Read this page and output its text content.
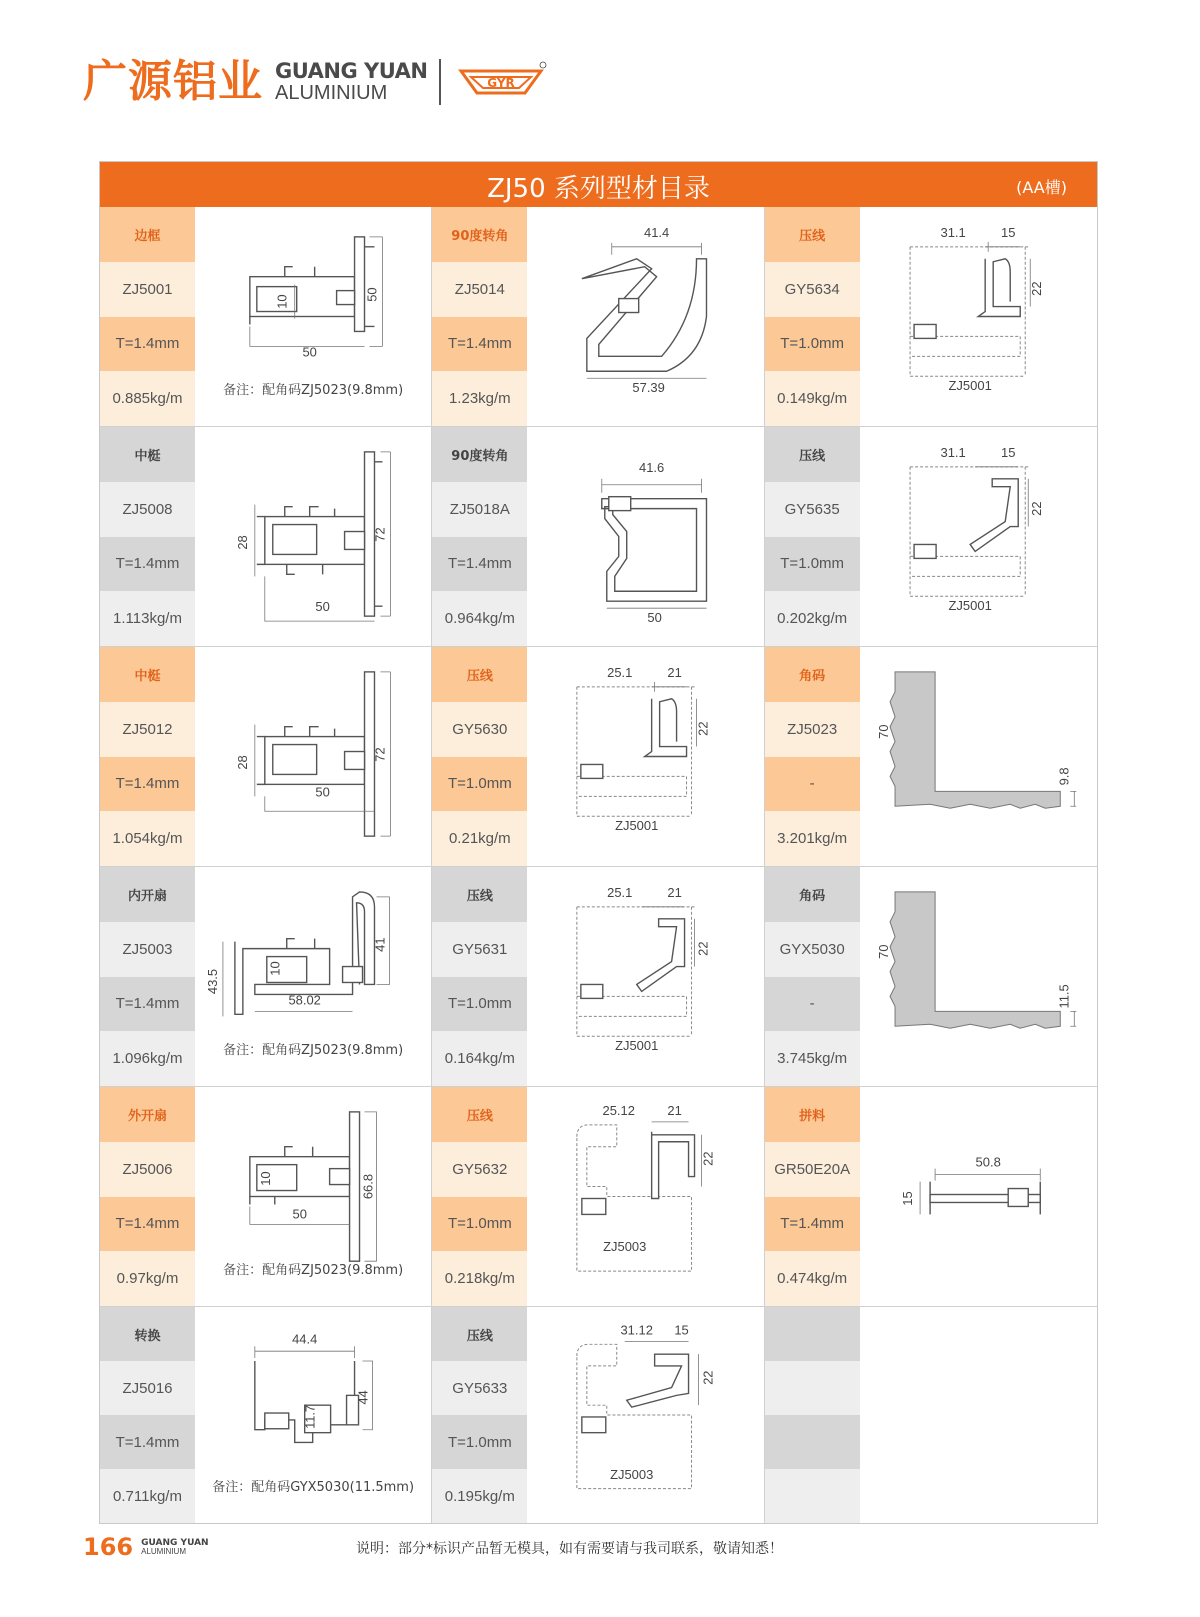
广源铝业 GUANG YUAN
ALUMINIUM	GYR
ZJ50 系列型材目录	(AA槽)
边框
ZJ5001
T=1.4mm
0.885kg/m
10
50
50
备注：配角码ZJ5023(9.8mm)
90度转角
ZJ5014
T=1.4mm
1.23kg/m
41.4
57.39
压线
GY5634
T=1.0mm
0.149kg/m
31.1	15
22
ZJ5001
中梃
ZJ5008
T=1.4mm
1.113kg/m
28
72
50
90度转角
ZJ5018A
T=1.4mm
0.964kg/m
41.6
50
压线
GY5635
T=1.0mm
0.202kg/m
31.1	15
22
ZJ5001
中梃
ZJ5012
T=1.4mm
1.054kg/m
28
72
50
压线
GY5630
T=1.0mm
0.21kg/m
25.1	21
22
ZJ5001
角码
ZJ5023
-
3.201kg/m
70
9.8
内开扇
ZJ5003
T=1.4mm
1.096kg/m
43.5
10
58.02
41
备注：配角码ZJ5023(9.8mm)
压线
GY5631
T=1.0mm
0.164kg/m
25.1	21
22
ZJ5001
角码
GYX5030
-
3.745kg/m
70
11.5
外开扇
ZJ5006
T=1.4mm
0.97kg/m
10
50
66.8
备注：配角码ZJ5023(9.8mm)
压线
GY5632
T=1.0mm
0.218kg/m
25.12 21
22
ZJ5003
拼料
GR50E20A
T=1.4mm
0.474kg/m
50.8
15
转换
ZJ5016
T=1.4mm
0.711kg/m
44.4
11.7
44
备注：配角码GYX5030(11.5mm)
压线
GY5633
T=1.0mm
0.195kg/m
31.12 15
22
ZJ5003
166 GUANG YUAN
ALUMINIUM	说明：部分*标识产品暂无模具，如有需要请与我司联系，敬请知悉！
